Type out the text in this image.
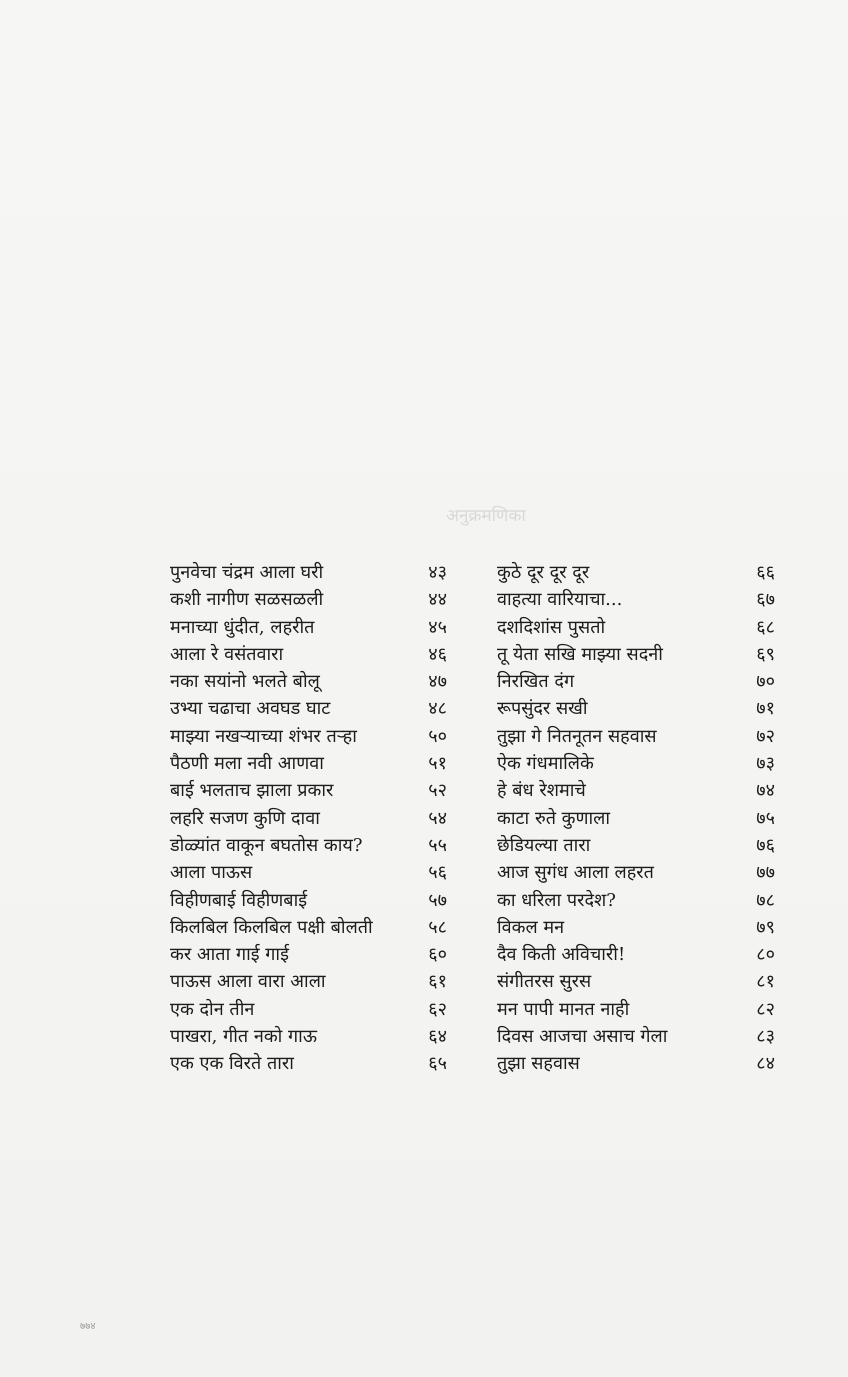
अनुक्रमणिका
पुनवेचा चंद्रम आला घरी	४३
कशी नागीण सळसळली	४४
मनाच्या धुंदीत, लहरीत	४५
आला रे वसंतवारा	४६
नका सयांनो भलते बोलू	४७
उभ्या चढाचा अवघड घाट	४८
माझ्या नखऱ्याच्या शंभर तऱ्हा	५०
पैठणी मला नवी आणवा	५१
बाई भलताच झाला प्रकार	५२
लहरि सजण कुणि दावा	५४
डोळ्यांत वाकून बघतोस काय?	५५
आला पाऊस	५६
विहीणबाई विहीणबाई	५७
किलबिल किलबिल पक्षी बोलती	५८
कर आता गाई गाई	६०
पाऊस आला वारा आला	६१
एक दोन तीन	६२
पाखरा, गीत नको गाऊ	६४
एक एक विरते तारा	६५
कुठे दूर दूर दूर	६६
वाहत्या वारियाचा...	६७
दशदिशांस पुसतो	६८
तू येता सखि माझ्या सदनी	६९
निरखित दंग	७०
रूपसुंदर सखी	७१
तुझा गे नितनूतन सहवास	७२
ऐक गंधमालिके	७३
हे बंध रेशमाचे	७४
काटा रुते कुणाला	७५
छेडियल्या तारा	७६
आज सुगंध आला लहरत	७७
का धरिला परदेश?	७८
विकल मन	७९
दैव किती अविचारी!	८०
संगीतरस सुरस	८१
मन पापी मानत नाही	८२
दिवस आजचा असाच गेला	८३
तुझा सहवास	८४
७७४
